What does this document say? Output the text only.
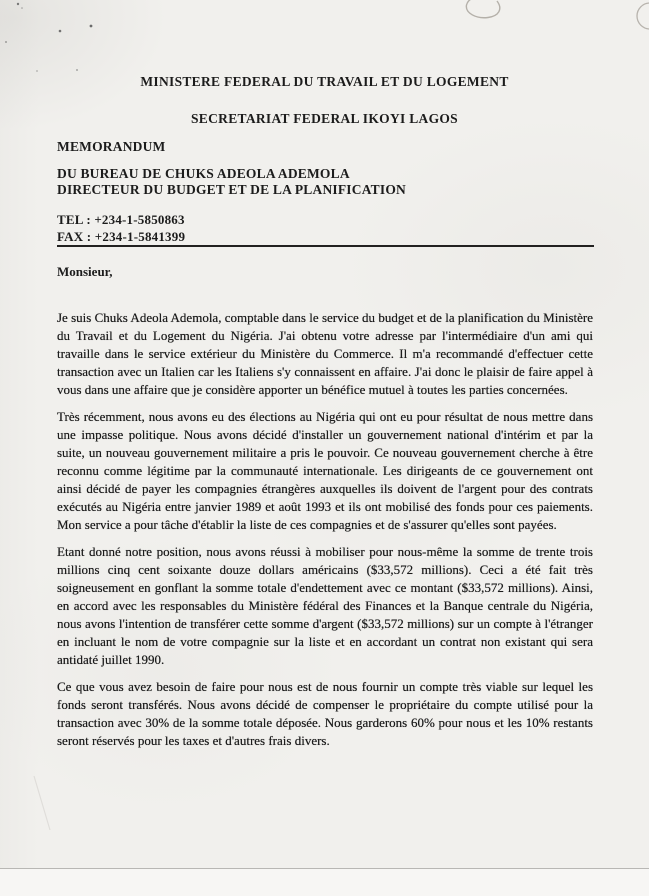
MINISTERE FEDERAL DU TRAVAIL ET DU LOGEMENT
SECRETARIAT FEDERAL IKOYI LAGOS
MEMORANDUM
DU BUREAU DE CHUKS ADEOLA ADEMOLA
DIRECTEUR DU BUDGET ET DE LA PLANIFICATION
TEL : +234-1-5850863
FAX : +234-1-5841399
Monsieur,

Je suis Chuks Adeola Ademola, comptable dans le service du budget et de la planification du Ministère du Travail et du Logement du Nigéria. J'ai obtenu votre adresse par l'intermédiaire d'un ami qui travaille dans le service extérieur du Ministère du Commerce. Il m'a recommandé d'effectuer cette transaction avec un Italien car les Italiens s'y connaissent en affaire. J'ai donc le plaisir de faire appel à vous dans une affaire que je considère apporter un bénéfice mutuel à toutes les parties concernées.

Très récemment, nous avons eu des élections au Nigéria qui ont eu pour résultat de nous mettre dans une impasse politique. Nous avons décidé d'installer un gouvernement national d'intérim et par la suite, un nouveau gouvernement militaire a pris le pouvoir. Ce nouveau gouvernement cherche à être reconnu comme légitime par la communauté internationale. Les dirigeants de ce gouvernement ont ainsi décidé de payer les compagnies étrangères auxquelles ils doivent de l'argent pour des contrats exécutés au Nigéria entre janvier 1989 et août 1993 et ils ont mobilisé des fonds pour ces paiements. Mon service a pour tâche d'établir la liste de ces compagnies et de s'assurer qu'elles sont payées.

Etant donné notre position, nous avons réussi à mobiliser pour nous-même la somme de trente trois millions cinq cent soixante douze dollars américains ($33,572 millions). Ceci a été fait très soigneusement en gonflant la somme totale d'endettement avec ce montant ($33,572 millions). Ainsi, en accord avec les responsables du Ministère fédéral des Finances et la Banque centrale du Nigéria, nous avons l'intention de transférer cette somme d'argent ($33,572 millions) sur un compte à l'étranger en incluant le nom de votre compagnie sur la liste et en accordant un contrat non existant qui sera antidaté juillet 1990.

Ce que vous avez besoin de faire pour nous est de nous fournir un compte très viable sur lequel les fonds seront transférés. Nous avons décidé de compenser le propriétaire du compte utilisé pour la transaction avec 30% de la somme totale déposée. Nous garderons 60% pour nous et les 10% restants seront réservés pour les taxes et d'autres frais divers.
